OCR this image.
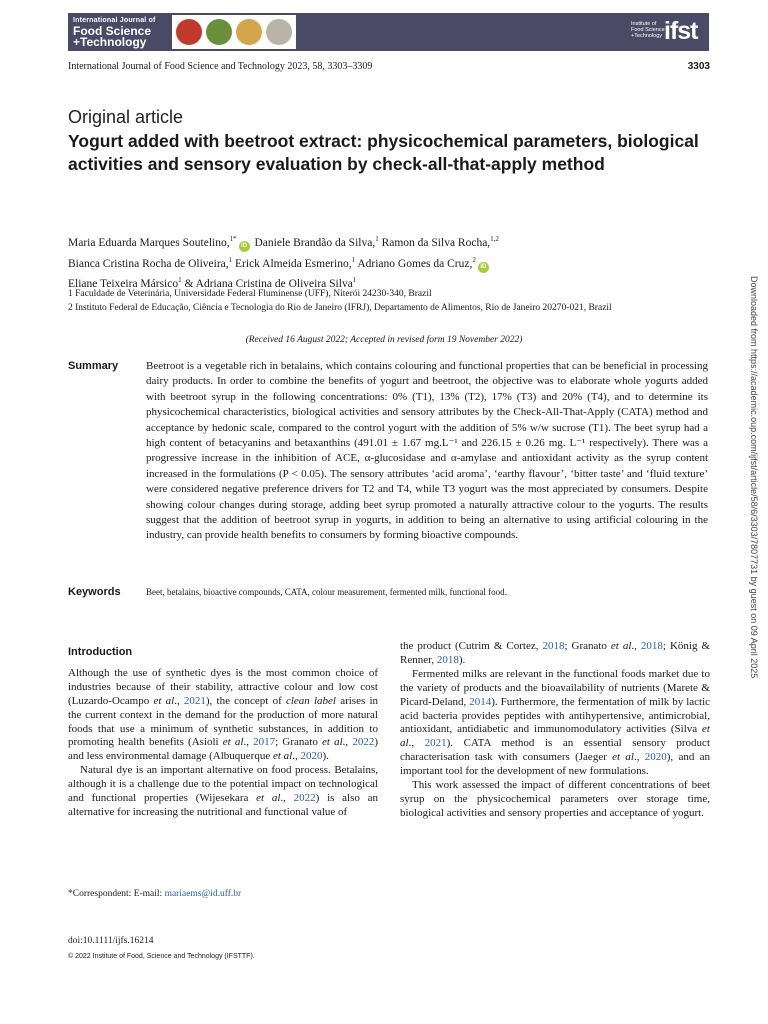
International Journal of
Food Science
+Technology
Institute of Food Science +Technology ifst
International Journal of Food Science and Technology 2023, 58, 3303–3309	3303
Original article
Yogurt added with beetroot extract: physicochemical parameters, biological activities and sensory evaluation by check-all-that-apply method
Maria Eduarda Marques Soutelino,$^{1*}$iD Daniele Brandão da Silva,$^1$ Ramon da Silva Rocha,$^{1,2}$
Bianca Cristina Rocha de Oliveira,$^1$ Erick Almeida Esmerino,$^1$ Adriano Gomes da Cruz,$^2$iD
Eliane Teixeira Mársico$^1$ & Adriana Cristina de Oliveira Silva$^1$
1 Faculdade de Veterinária, Universidade Federal Fluminense (UFF), Niterói 24230-340, Brazil
2 Instituto Federal de Educação, Ciência e Tecnologia do Rio de Janeiro (IFRJ), Departamento de Alimentos, Rio de Janeiro 20270-021, Brazil
(Received 16 August 2022; Accepted in revised form 19 November 2022)
Summary	Beetroot is a vegetable rich in betalains, which contains colouring and functional properties that can be beneficial in processing dairy products. In order to combine the benefits of yogurt and beetroot, the objective was to elaborate whole yogurts added with beetroot syrup in the following concentrations: 0% (T1), 13% (T2), 17% (T3) and 20% (T4), and to determine its physicochemical characteristics, biological activities and sensory attributes by the Check-All-That-Apply (CATA) method and acceptance by hedonic scale, compared to the control yogurt with the addition of 5% w/w sucrose (T1). The beet syrup had a high content of betacyanins and betaxanthins (491.01 ± 1.67 mg.L⁻¹ and 226.15 ± 0.26 mg. L⁻¹ respectively). There was a progressive increase in the inhibition of ACE, α-glucosidase and α-amylase and antioxidant activity as the syrup content increased in the formulations (P < 0.05). The sensory attributes ‘acid aroma’, ‘earthy flavour’, ‘bitter taste’ and ‘fluid texture’ were considered negative preference drivers for T2 and T4, while T3 yogurt was the most appreciated by consumers. Despite showing colour changes during storage, adding beet syrup promoted a naturally attractive colour to the yogurts. The results suggest that the addition of beetroot syrup in yogurts, in addition to being an alternative to using artificial colouring in the industry, can provide health benefits to consumers by forming bioactive compounds.
Keywords	Beet, betalains, bioactive compounds, CATA, colour measurement, fermented milk, functional food.
Introduction

Although the use of synthetic dyes is the most common choice of industries because of their stability, attractive colour and low cost (Luzardo-Ocampo et al., 2021), the concept of clean label arises in the current context in the demand for the production of more natural foods that use a minimum of synthetic substances, in addition to promoting health benefits (Asioli et al., 2017; Granato et al., 2022) and less environmental damage (Albuquerque et al., 2020).

Natural dye is an important alternative on food process. Betalains, although it is a challenge due to the potential impact on technological and functional properties (Wijesekara et al., 2022) is also an alternative for increasing the nutritional and functional value of

the product (Cutrim & Cortez, 2018; Granato et al., 2018; König & Renner, 2018).

Fermented milks are relevant in the functional foods market due to the variety of products and the bioavailability of nutrients (Marete & Picard-Deland, 2014). Furthermore, the fermentation of milk by lactic acid bacteria provides peptides with antihypertensive, antimicrobial, antioxidant, antidiabetic and immunomodulatory activities (Silva et al., 2021). CATA method is an essential sensory product characterisation task with consumers (Jaeger et al., 2020), and an important tool for the development of new formulations.

This work assessed the impact of different concentrations of beet syrup on the physicochemical parameters over storage time, biological activities and sensory properties and acceptance of yogurt.

*Correspondent: E-mail: mariaems@id.uff.br
doi:10.1111/ijfs.16214
© 2022 Institute of Food, Science and Technology (IFSTTF).
Downloaded from https://academic.oup.com/ijfst/article/58/6/3303/7807731 by guest on 09 April 2025
